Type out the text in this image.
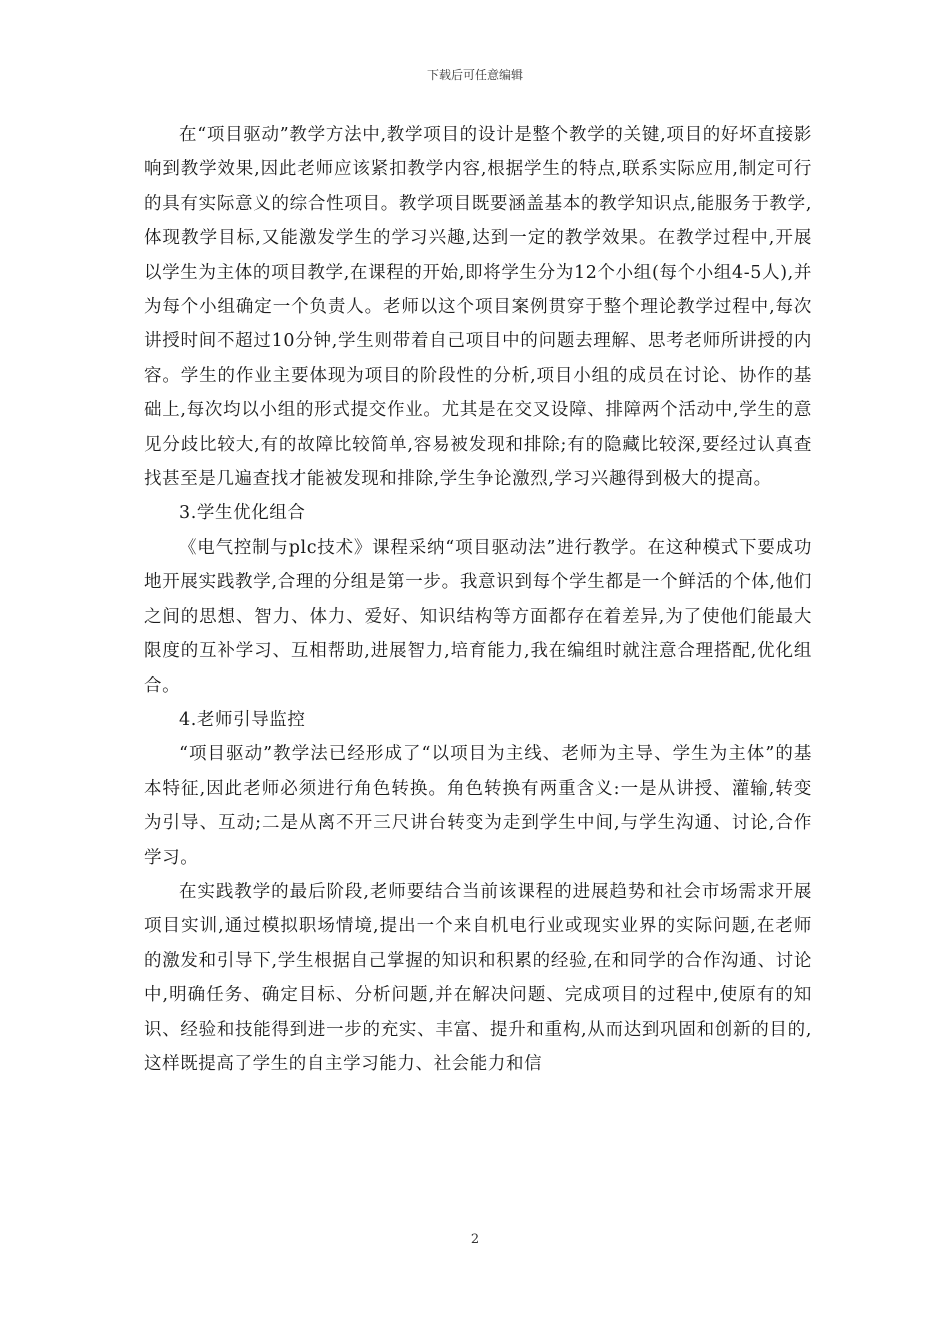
下载后可任意编辑

在“项目驱动”教学方法中,教学项目的设计是整个教学的关键,项目的好坏直接影响到教学效果,因此老师应该紧扣教学内容,根据学生的特点,联系实际应用,制定可行的具有实际意义的综合性项目。教学项目既要涵盖基本的教学知识点,能服务于教学,体现教学目标,又能激发学生的学习兴趣,达到一定的教学效果。在教学过程中,开展以学生为主体的项目教学,在课程的开始,即将学生分为12个小组(每个小组4-5人),并为每个小组确定一个负责人。老师以这个项目案例贯穿于整个理论教学过程中,每次讲授时间不超过10分钟,学生则带着自己项目中的问题去理解、思考老师所讲授的内容。学生的作业主要体现为项目的阶段性的分析,项目小组的成员在讨论、协作的基础上,每次均以小组的形式提交作业。尤其是在交叉设障、排障两个活动中,学生的意见分歧比较大,有的故障比较简单,容易被发现和排除;有的隐藏比较深,要经过认真查找甚至是几遍查找才能被发现和排除,学生争论激烈,学习兴趣得到极大的提高。

3.学生优化组合

《电气控制与plc技术》课程采纳“项目驱动法”进行教学。在这种模式下要成功地开展实践教学,合理的分组是第一步。我意识到每个学生都是一个鲜活的个体,他们之间的思想、智力、体力、爱好、知识结构等方面都存在着差异,为了使他们能最大限度的互补学习、互相帮助,进展智力,培育能力,我在编组时就注意合理搭配,优化组合。

4.老师引导监控

“项目驱动”教学法已经形成了“以项目为主线、老师为主导、学生为主体”的基本特征,因此老师必须进行角色转换。角色转换有两重含义:一是从讲授、灌输,转变为引导、互动;二是从离不开三尺讲台转变为走到学生中间,与学生沟通、讨论,合作学习。

在实践教学的最后阶段,老师要结合当前该课程的进展趋势和社会市场需求开展项目实训,通过模拟职场情境,提出一个来自机电行业或现实业界的实际问题,在老师的激发和引导下,学生根据自己掌握的知识和积累的经验,在和同学的合作沟通、讨论中,明确任务、确定目标、分析问题,并在解决问题、完成项目的过程中,使原有的知识、经验和技能得到进一步的充实、丰富、提升和重构,从而达到巩固和创新的目的,这样既提高了学生的自主学习能力、社会能力和信

2
